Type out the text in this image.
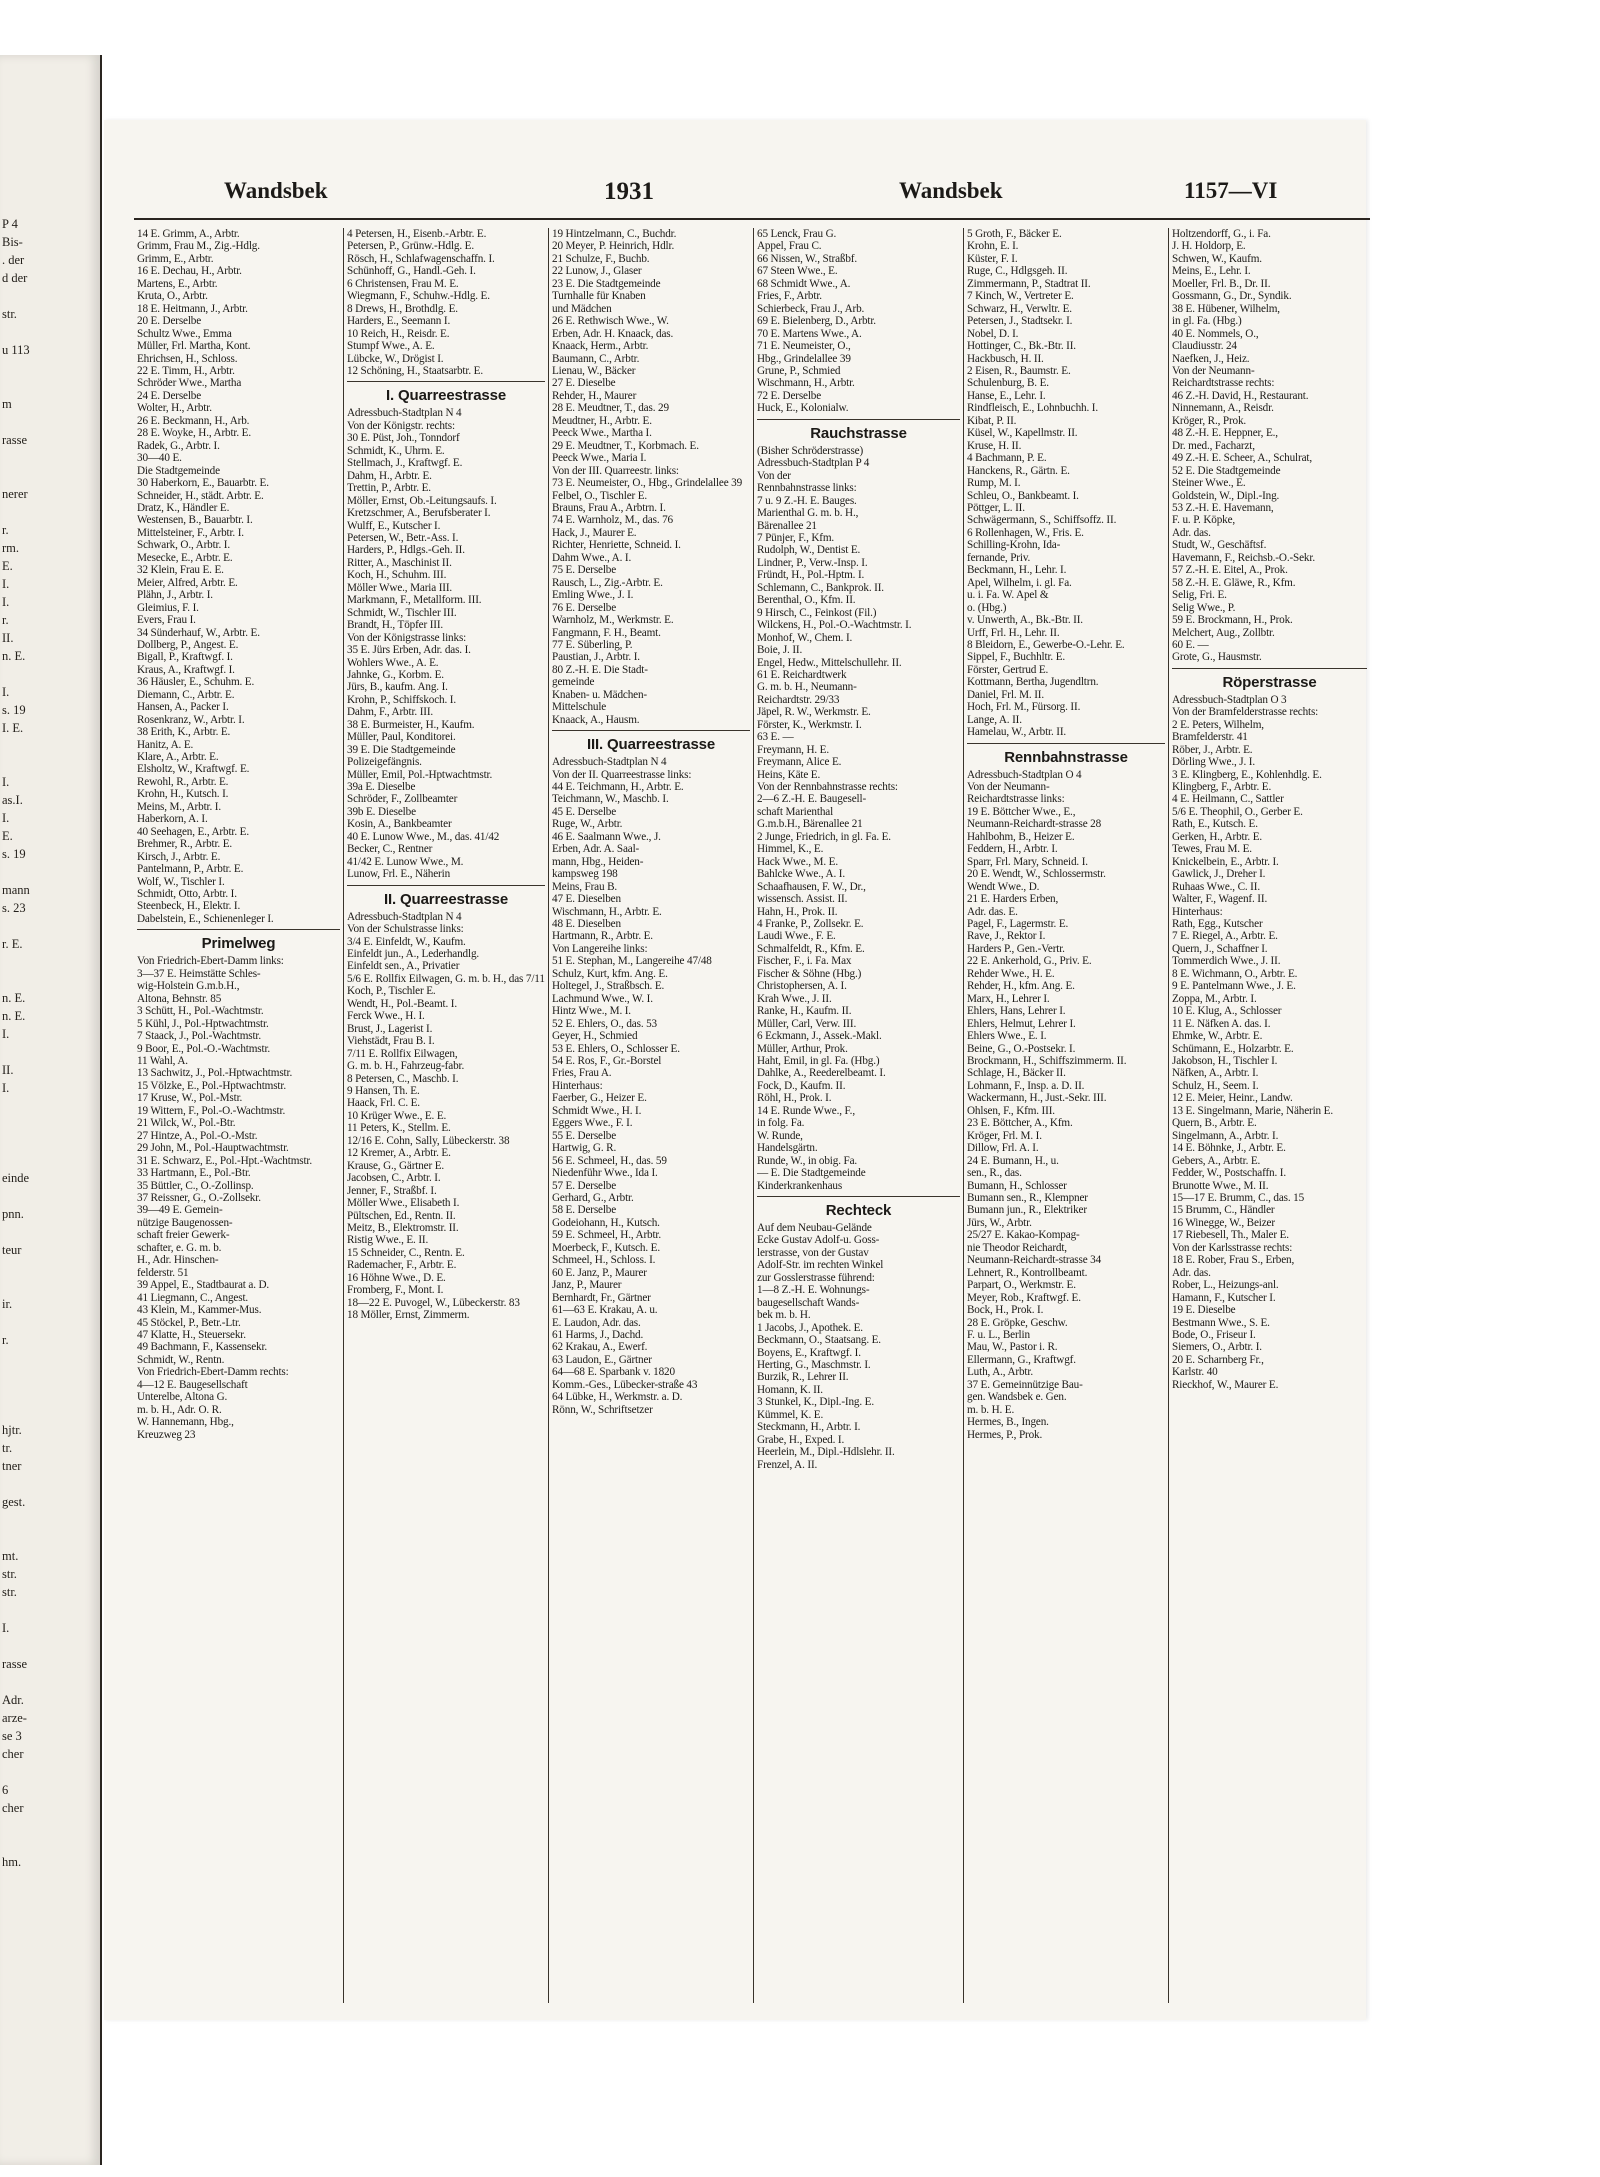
P 4
Bis-
. der
d der

str.

u 113

m

rasse

nerer

r.
rm.
E.
I.
I.
r.
II.
n. E.

I.
s. 19
I. E.

I.
as.I.
I.
E.
s. 19

mann
s. 23

r. E.

n. E.
n. E.
I.

II.
I.

eindе

pnn.

teur

ir.

r.

hjtr.
tr.
tner

gest.

mt.
str.
str.

I.

rasse

Adr.
arze-
se 3
cher

6
cher

hm.

Wandsbek	1931	Wandsbek	1157—VI
14 E. Grimm, A., Arbtr.
Grimm, Frau M., Zig.-Hdlg.
Grimm, E., Arbtr.
16 E. Dechau, H., Arbtr.
Martens, E., Arbtr.
Kruta, O., Arbtr.
18 E. Heitmann, J., Arbtr.
20 E. Derselbe
Schultz Wwe., Emma
Müller, Frl. Martha, Kont.
Ehrichsen, H., Schloss.
22 E. Timm, H., Arbtr.
Schröder Wwe., Martha
24 E. Derselbe
Wolter, H., Arbtr.
26 E. Beckmann, H., Arb.
28 E. Woyke, H., Arbtr. E.
Radek, G., Arbtr. I.
30—40 E.
Die Stadtgemeinde
30 Haberkorn, E., Bauarbtr. E.
Schneider, H., städt. Arbtr. E.
Dratz, K., Händler E.
Westensen, B., Bauarbtr. I.
Mittelsteiner, F., Arbtr. I.
Schwark, O., Arbtr. I.
Mesecke, E., Arbtr. E.
32 Klein, Frau E. E.
Meier, Alfred, Arbtr. E.
Plähn, J., Arbtr. I.
Gleimius, F. I.
Evers, Frau I.
34 Sünderhauf, W., Arbtr. E.
Dollberg, P., Angest. E.
Bigall, P., Kraftwgf. I.
Kraus, A., Kraftwgf. I.
36 Häusler, E., Schuhm. E.
Diemann, C., Arbtr. E.
Hansen, A., Packer I.
Rosenkranz, W., Arbtr. I.
38 Erith, K., Arbtr. E.
Hanitz, A. E.
Klare, A., Arbtr. E.
Elsholtz, W., Kraftwgf. E.
Rewohl, R., Arbtr. E.
Krohn, H., Kutsch. I.
Meins, M., Arbtr. I.
Haberkorn, A. I.
40 Seehagen, E., Arbtr. E.
Brehmer, R., Arbtr. E.
Kirsch, J., Arbtr. E.
Pantelmann, P., Arbtr. E.
Wolf, W., Tischler I.
Schmidt, Otto, Arbtr. I.
Steenbeck, H., Elektr. I.
Dabelstein, E., Schienenleger I.
Primelweg
Von Friedrich-Ebert-Damm links:
3—37 E. Heimstätte Schles-
wig-Holstein G.m.b.H.,
Altona, Behnstr. 85
3 Schütt, H., Pol.-Wachtmstr.
5 Kühl, J., Pol.-Hptwachtmstr.
7 Staack, J., Pol.-Wachtmstr.
9 Boor, E., Pol.-O.-Wachtmstr.
11 Wahl, A.
13 Sachwitz, J., Pol.-Hptwachtmstr.
15 Völzke, E., Pol.-Hptwachtmstr.
17 Kruse, W., Pol.-Mstr.
19 Wittern, F., Pol.-O.-Wachtmstr.
21 Wilck, W., Pol.-Btr.
27 Hintze, A., Pol.-O.-Mstr.
29 John, M., Pol.-Hauptwachtmstr.
31 E. Schwarz, E., Pol.-Hpt.-Wachtmstr.
33 Hartmann, E., Pol.-Btr.
35 Büttler, C., O.-Zollinsp.
37 Reissner, G., O.-Zollsekr.
39—49 E. Gemein-
nützige Baugenossen-
schaft freier Gewerk-
schafter, e. G. m. b.
H., Adr. Hinschen-
felderstr. 51
39 Appel, E., Stadtbaurat a. D.
41 Liegmann, C., Angest.
43 Klein, M., Kammer-Mus.
45 Stöckel, P., Betr.-Ltr.
47 Klatte, H., Steuersekr.
49 Bachmann, F., Kassensekr.
Schmidt, W., Rentn.
Von Friedrich-Ebert-Damm rechts:
4—12 E. Baugesellschaft
Unterelbe, Altona G.
m. b. H., Adr. O. R.
W. Hannemann, Hbg.,
Kreuzweg 23
4 Petersen, H., Eisenb.-Arbtr. E.
Petersen, P., Grünw.-Hdlg. E.
Rösch, H., Schlafwagenschaffn. I.
Schünhoff, G., Handl.-Geh. I.
6 Christensen, Frau M. E.
Wiegmann, F., Schuhw.-Hdlg. E.
8 Drews, H., Brothdlg. E.
Harders, E., Seemann I.
10 Reich, H., Reisdr. E.
Stumpf Wwe., A. E.
Lübcke, W., Drögist I.
12 Schöning, H., Staatsarbtr. E.
I. Quarreestrasse
Adressbuch-Stadtplan N 4
Von der Königstr. rechts:
30 E. Püst, Joh., Tonndorf
Schmidt, K., Uhrm. E.
Stellmach, J., Kraftwgf. E.
Dahm, H., Arbtr. E.
Trettin, P., Arbtr. E.
Möller, Ernst, Ob.-Leitungsaufs. I.
Kretzschmer, A., Berufsberater I.
Wulff, E., Kutscher I.
Petersen, W., Betr.-Ass. I.
Harders, P., Hdlgs.-Geh. II.
Ritter, A., Maschinist II.
Koch, H., Schuhm. III.
Möller Wwe., Maria III.
Markmann, F., Metallform. III.
Schmidt, W., Tischler III.
Brandt, H., Töpfer III.
Von der Königstrasse links:
35 E. Jürs Erben, Adr. das. I.
Wohlers Wwe., A. E.
Jahnke, G., Korbm. E.
Jürs, B., kaufm. Ang. I.
Krohn, P., Schiffskoch. I.
Dahm, F., Arbtr. III.
38 E. Burmeister, H., Kaufm.
Müller, Paul, Konditorei.
39 E. Die Stadtgemeinde
Polizeigefängnis.
Müller, Emil, Pol.-Hptwachtmstr.
39a E. Dieselbe
Schröder, F., Zollbeamter
39b E. Dieselbe
Kosin, A., Bankbeamter
40 E. Lunow Wwe., M., das. 41/42
Becker, C., Rentner
41/42 E. Lunow Wwe., M.
Lunow, Frl. E., Näherin
II. Quarreestrasse
Adressbuch-Stadtplan N 4
Von der Schulstrasse links:
3/4 E. Einfeldt, W., Kaufm.
Einfeldt jun., A., Lederhandlg.
Einfeldt sen., A., Privatier
5/6 E. Rollfix Eilwagen, G. m. b. H., das 7/11
Koch, P., Tischler E.
Wendt, H., Pol.-Beamt. I.
Ferck Wwe., H. I.
Brust, J., Lagerist I.
Viehstädt, Frau B. I.
7/11 E. Rollfix Eilwagen,
G. m. b. H., Fahrzeug-fabr.
8 Petersen, C., Maschb. I.
9 Hansen, Th. E.
Haack, Frl. C. E.
10 Krüger Wwe., E. E.
11 Peters, K., Stellm. E.
12/16 E. Cohn, Sally, Lübeckerstr. 38
12 Kremer, A., Arbtr. E.
Krause, G., Gärtner E.
Jacobsen, C., Arbtr. I.
Jenner, F., Straßbf. I.
Möller Wwe., Elisabeth I.
Pültschen, Ed., Rentn. II.
Meitz, B., Elektromstr. II.
Ristig Wwe., E. II.
15 Schneider, C., Rentn. E.
Rademacher, F., Arbtr. E.
16 Höhne Wwe., D. E.
Fromberg, F., Mont. I.
18—22 E. Puvogel, W., Lübeckerstr. 83
18 Möller, Ernst, Zimmerm.
19 Hintzelmann, C., Buchdr.
20 Meyer, P. Heinrich, Hdlr.
21 Schulze, F., Buchb.
22 Lunow, J., Glaser
23 E. Die Stadtgemeinde
Turnhalle für Knaben
und Mädchen
26 E. Rethwisch Wwe., W.
Erben, Adr. H. Knaack, das.
Knaack, Herm., Arbtr.
Baumann, C., Arbtr.
Lienau, W., Bäcker
27 E. Dieselbe
Rehder, H., Maurer
28 E. Meudtner, T., das. 29
Meudtner, H., Arbtr. E.
Peeck Wwe., Martha I.
29 E. Meudtner, T., Korbmach. E.
Peeck Wwe., Maria I.
Von der III. Quarreestr. links:
73 E. Neumeister, O., Hbg., Grindelallee 39
Felbel, O., Tischler E.
Brauns, Frau A., Arbtrn. I.
74 E. Warnholz, M., das. 76
Hack, J., Maurer E.
Richter, Henriette, Schneid. I.
Dahm Wwe., A. I.
75 E. Derselbe
Rausch, L., Zig.-Arbtr. E.
Emling Wwe., J. I.
76 E. Derselbe
Warnholz, M., Werkmstr. E.
Fangmann, F. H., Beamt.
77 E. Süberling, P.
Paustian, J., Arbtr. I.
80 Z.-H. E. Die Stadt-
gemeinde
Knaben- u. Mädchen-
Mittelschule
Knaack, A., Hausm.
III. Quarreestrasse
Adressbuch-Stadtplan N 4
Von der II. Quarreestrasse links:
44 E. Teichmann, H., Arbtr. E.
Teichmann, W., Maschb. I.
45 E. Derselbe
Ruge, W., Arbtr.
46 E. Saalmann Wwe., J.
Erben, Adr. A. Saal-
mann, Hbg., Heiden-
kampsweg 198
Meins, Frau B.
47 E. Dieselben
Wischmann, H., Arbtr. E.
48 E. Dieselben
Hartmann, R., Arbtr. E.
Von Langereihe links:
51 E. Stephan, M., Langereihe 47/48
Schulz, Kurt, kfm. Ang. E.
Holtegel, J., Straßbsch. E.
Lachmund Wwe., W. I.
Hintz Wwe., M. I.
52 E. Ehlers, O., das. 53
Geyer, H., Schmied
53 E. Ehlers, O., Schlosser E.
54 E. Ros, F., Gr.-Borstel
Fries, Frau A.
Hinterhaus:
Faerber, G., Heizer E.
Schmidt Wwe., H. I.
Eggers Wwe., F. I.
55 E. Derselbe
Hartwig, G. R.
56 E. Schmeel, H., das. 59
Niedenführ Wwe., Ida I.
57 E. Derselbe
Gerhard, G., Arbtr.
58 E. Derselbe
Godeiohann, H., Kutsch.
59 E. Schmeel, H., Arbtr.
Moerbeck, F., Kutsch. E.
Schmeel, H., Schloss. I.
60 E. Janz, P., Maurer
Janz, P., Maurer
Bernhardt, Fr., Gärtner
61—63 E. Krakau, A. u.
E. Laudon, Adr. das.
61 Harms, J., Dachd.
62 Krakau, A., Ewerf.
63 Laudon, E., Gärtner
64—68 E. Sparbank v. 1820
Komm.-Ges., Lübecker-straße 43
64 Lübke, H., Werkmstr. a. D.
Rönn, W., Schriftsetzer
65 Lenck, Frau G.
Appel, Frau C.
66 Nissen, W., Straßbf.
67 Steen Wwe., E.
68 Schmidt Wwe., A.
Fries, F., Arbtr.
Schierbeck, Frau J., Arb.
69 E. Bielenberg, D., Arbtr.
70 E. Martens Wwe., A.
71 E. Neumeister, O.,
Hbg., Grindelallee 39
Grune, P., Schmied
Wischmann, H., Arbtr.
72 E. Derselbe
Huck, E., Kolonialw.
Rauchstrasse
(Bisher Schröderstrasse)
Adressbuch-Stadtplan P 4
Von der
Rennbahnstrasse links:
7 u. 9 Z.-H. E. Bauges.
Marienthal G. m. b. H.,
Bärenallee 21
7 Pünjer, F., Kfm.
Rudolph, W., Dentist E.
Lindner, P., Verw.-Insp. I.
Fründt, H., Pol.-Hptm. I.
Schlemann, C., Bankprok. II.
Berenthal, O., Kfm. II.
9 Hirsch, C., Feinkost (Fil.)
Wilckens, H., Pol.-O.-Wachtmstr. I.
Monhof, W., Chem. I.
Boie, J. II.
Engel, Hedw., Mittelschullehr. II.
61 E. Reichardtwerk
G. m. b. H., Neumann-
Reichardtstr. 29/33
Jäpel, R. W., Werkmstr. E.
Förster, K., Werkmstr. I.
63 E. —
Freymann, H. E.
Freymann, Alice E.
Heins, Käte E.
Von der Rennbahnstrasse rechts:
2—6 Z.-H. E. Baugesell-
schaft Marienthal
G.m.b.H., Bärenallee 21
2 Junge, Friedrich, in gl. Fa. E.
Himmel, K., E.
Hack Wwe., M. E.
Bahlcke Wwe., A. I.
Schaafhausen, F. W., Dr.,
wissensch. Assist. II.
Hahn, H., Prok. II.
4 Franke, P., Zollsekr. E.
Laudi Wwe., F. E.
Schmalfeldt, R., Kfm. E.
Fischer, F., i. Fa. Max
Fischer & Söhne (Hbg.)
Christophersen, A. I.
Krah Wwe., J. II.
Ranke, H., Kaufm. II.
Müller, Carl, Verw. III.
6 Eckmann, J., Assek.-Makl.
Müller, Arthur, Prok.
Haht, Emil, in gl. Fa. (Hbg.)
Dahlke, A., Reederelbeamt. I.
Fock, D., Kaufm. II.
Röhl, H., Prok. I.
14 E. Runde Wwe., F.,
in folg. Fa.
W. Runde,
Handelsgärtn.
Runde, W., in obig. Fa.
— E. Die Stadtgemeinde
Kinderkrankenhaus
Rechteck
Auf dem Neubau-Gelände
Ecke Gustav Adolf-u. Goss-
lerstrasse, von der Gustav
Adolf-Str. im rechten Winkel
zur Gosslerstrasse führend:
1—8 Z.-H. E. Wohnungs-
baugesellschaft Wands-
bek m. b. H.
1 Jacobs, J., Apothek. E.
Beckmann, O., Staatsang. E.
Boyens, E., Kraftwgf. I.
Herting, G., Maschmstr. I.
Burzik, R., Lehrer II.
Homann, K. II.
3 Stunkel, K., Dipl.-Ing. E.
Kümmel, K. E.
Steckmann, H., Arbtr. I.
Grabe, H., Exped. I.
Heerlein, M., Dipl.-Hdlslehr. II.
Frenzel, A. II.
5 Groth, F., Bäcker E.
Krohn, E. I.
Küster, F. I.
Ruge, C., Hdlgsgeh. II.
Zimmermann, P., Stadtrat II.
7 Kinch, W., Vertreter E.
Schwarz, H., Verwltr. E.
Petersen, J., Stadtsekr. I.
Nobel, D. I.
Hottinger, C., Bk.-Btr. II.
Hackbusch, H. II.
2 Eisen, R., Baumstr. E.
Schulenburg, B. E.
Hanse, E., Lehr. I.
Rindfleisch, E., Lohnbuchh. I.
Kibat, P. II.
Küsel, W., Kapellmstr. II.
Kruse, H. II.
4 Bachmann, P. E.
Hanckens, R., Gärtn. E.
Rump, M. I.
Schleu, O., Bankbeamt. I.
Pöttger, L. II.
Schwägermann, S., Schiffsoffz. II.
6 Rollenhagen, W., Fris. E.
Schilling-Krohn, Ida-
fernande, Priv.
Beckmann, H., Lehr. I.
Apel, Wilhelm, i. gl. Fa.
u. i. Fa. W. Apel &
o. (Hbg.)
v. Unwerth, A., Bk.-Btr. II.
Urff, Frl. H., Lehr. II.
8 Bleidorn, E., Gewerbe-O.-Lehr. E.
Sippel, F., Buchhltr. E.
Förster, Gertrud E.
Kottmann, Bertha, Jugendltrn.
Daniel, Frl. M. II.
Hoch, Frl. M., Fürsorg. II.
Lange, A. II.
Hamelau, W., Arbtr. II.
Rennbahnstrasse
Adressbuch-Stadtplan O 4
Von der Neumann-
Reichardtstrasse links:
19 E. Böttcher Wwe., E.,
Neumann-Reichardt-strasse 28
Hahlbohm, B., Heizer E.
Feddern, H., Arbtr. I.
Sparr, Frl. Mary, Schneid. I.
20 E. Wendt, W., Schlossermstr.
Wendt Wwe., D.
21 E. Harders Erben,
Adr. das. E.
Pagel, F., Lagermstr. E.
Rave, J., Rektor I.
Harders P., Gen.-Vertr.
22 E. Ankerhold, G., Priv. E.
Rehder Wwe., H. E.
Rehder, H., kfm. Ang. E.
Marx, H., Lehrer I.
Ehlers, Hans, Lehrer I.
Ehlers, Helmut, Lehrer I.
Ehlers Wwe., E. I.
Beine, G., O.-Postsekr. I.
Brockmann, H., Schiffszimmerm. II.
Schlage, H., Bäcker II.
Lohmann, F., Insp. a. D. II.
Wackermann, H., Just.-Sekr. III.
Ohlsen, F., Kfm. III.
23 E. Böttcher, A., Kfm.
Kröger, Frl. M. I.
Dillow, Frl. A. I.
24 E. Bumann, H., u.
sen., R., das.
Bumann, H., Schlosser
Bumann sen., R., Klempner
Bumann jun., R., Elektriker
Jürs, W., Arbtr.
25/27 E. Kakao-Kompag-
nie Theodor Reichardt,
Neumann-Reichardt-strasse 34
Lehnert, R., Kontrollbeamt.
Parpart, O., Werkmstr. E.
Meyer, Rob., Kraftwgf. E.
Bock, H., Prok. I.
28 E. Gröpke, Geschw.
F. u. L., Berlin
Mau, W., Pastor i. R.
Ellermann, G., Kraftwgf.
Luth, A., Arbtr.
37 E. Gemeinnützige Bau-
gen. Wandsbek e. Gen.
m. b. H. E.
Hermes, B., Ingen.
Hermes, P., Prok.
Holtzendorff, G., i. Fa.
J. H. Holdorp, E.
Schwen, W., Kaufm.
Meins, E., Lehr. I.
Moeller, Frl. B., Dr. II.
Gossmann, G., Dr., Syndik.
38 E. Hübener, Wilhelm,
in gl. Fa. (Hbg.)
40 E. Nommels, O.,
Claudiusstr. 24
Naefken, J., Heiz.
Von der Neumann-
Reichardtstrasse rechts:
46 Z.-H. David, H., Restaurant.
Ninnemann, A., Reisdr.
Kröger, R., Prok.
48 Z.-H. E. Heppner, E.,
Dr. med., Facharzt,
49 Z.-H. E. Scheer, A., Schulrat,
52 E. Die Stadtgemeinde
Steiner Wwe., E.
Goldstein, W., Dipl.-Ing.
53 Z.-H. E. Havemann,
F. u. P. Köpke,
Adr. das.
Studt, W., Geschäftsf.
Havemann, F., Reichsb.-O.-Sekr.
57 Z.-H. E. Eitel, A., Prok.
58 Z.-H. E. Gläwe, R., Kfm.
Selig, Fri. E.
Selig Wwe., P.
59 E. Brockmann, H., Prok.
Melchert, Aug., Zollbtr.
60 E. —
Grote, G., Hausmstr.
Röperstrasse
Adressbuch-Stadtplan O 3
Von der Bramfelderstrasse rechts:
2 E. Peters, Wilhelm,
Bramfelderstr. 41
Röber, J., Arbtr. E.
Dörling Wwe., J. I.
3 E. Klingberg, E., Kohlenhdlg. E.
Klingberg, F., Arbtr. E.
4 E. Heilmann, C., Sattler
5/6 E. Theophil, O., Gerber E.
Rath, E., Kutsch. E.
Gerken, H., Arbtr. E.
Tewes, Frau M. E.
Knickelbein, E., Arbtr. I.
Gawlick, J., Dreher I.
Ruhaas Wwe., C. II.
Walter, F., Wagenf. II.
Hinterhaus:
Rath, Egg., Kutscher
7 E. Riegel, A., Arbtr. E.
Quern, J., Schaffner I.
Tommerdich Wwe., J. II.
8 E. Wichmann, O., Arbtr. E.
9 E. Pantelmann Wwe., J. E.
Zoppa, M., Arbtr. I.
10 E. Klug, A., Schlosser
11 E. Näfken A. das. I.
Ehmke, W., Arbtr. E.
Schümann, E., Holzarbtr. E.
Jakobson, H., Tischler I.
Näfken, A., Arbtr. I.
Schulz, H., Seem. I.
12 E. Meier, Heinr., Landw.
13 E. Singelmann, Marie, Näherin E.
Quern, B., Arbtr. E.
Singelmann, A., Arbtr. I.
14 E. Böhnke, J., Arbtr. E.
Gebers, A., Arbtr. E.
Fedder, W., Postschaffn. I.
Brunotte Wwe., M. II.
15—17 E. Brumm, C., das. 15
15 Brumm, C., Händler
16 Winegge, W., Beizer
17 Riebesell, Th., Maler E.
Von der Karlsstrasse rechts:
18 E. Rober, Frau S., Erben,
Adr. das.
Rober, L., Heizungs-anl.
Hamann, F., Kutscher I.
19 E. Dieselbe
Bestmann Wwe., S. E.
Bode, O., Friseur I.
Siemers, O., Arbtr. I.
20 E. Scharnberg Fr.,
Karlstr. 40
Rieckhof, W., Maurer E.
